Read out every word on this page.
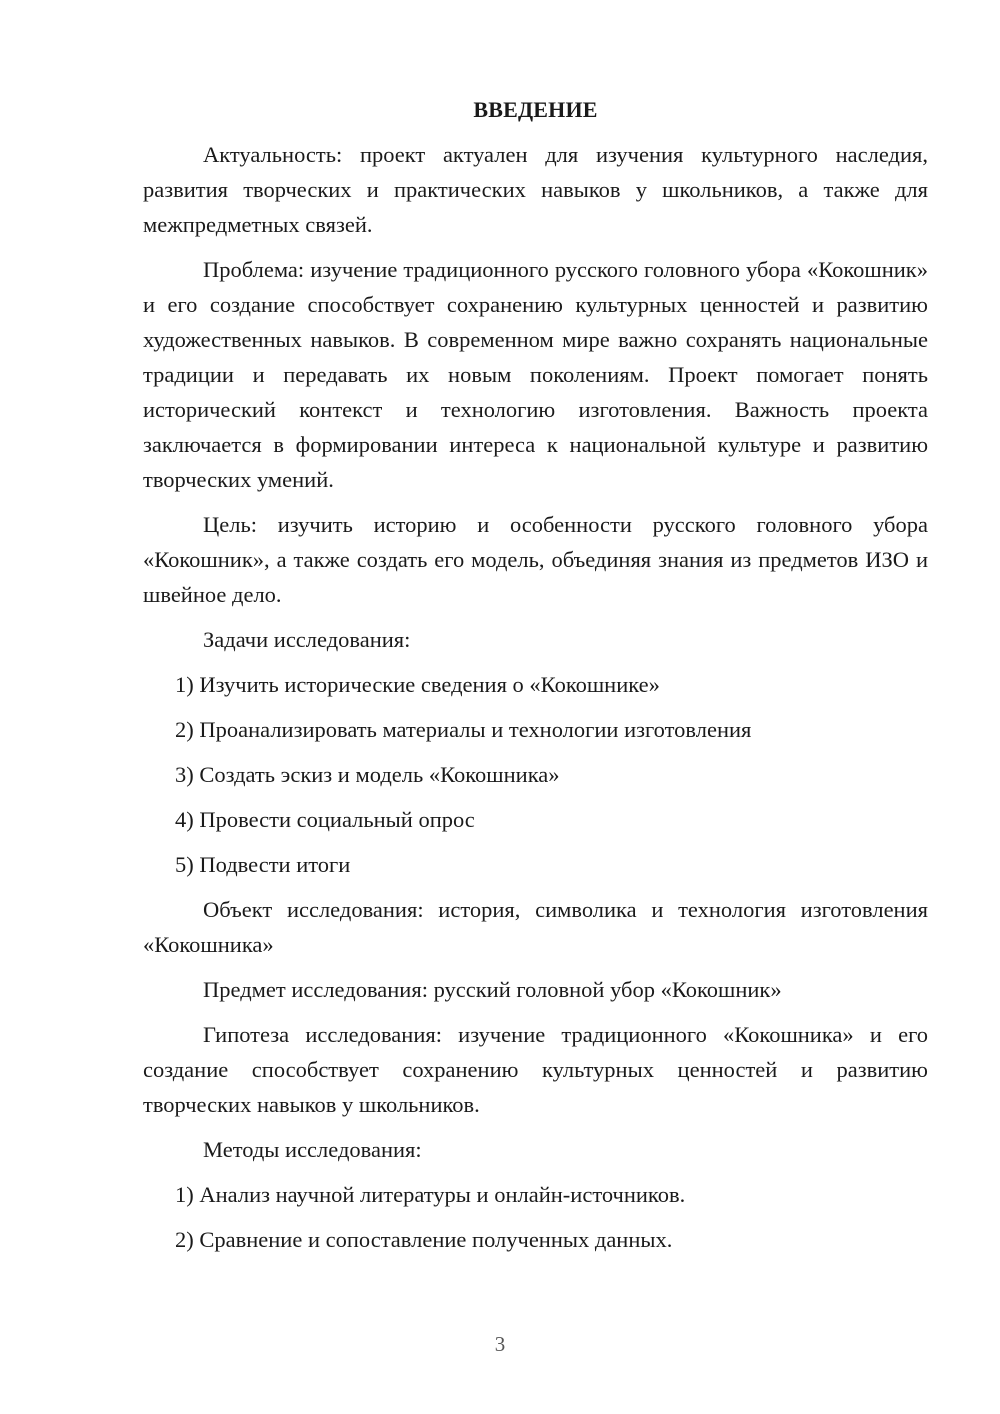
ВВЕДЕНИЕ

Актуальность: проект актуален для изучения культурного наследия, развития творческих и практических навыков у школьников, а также для межпредметных связей.

Проблема: изучение традиционного русского головного убора «Кокошник» и его создание способствует сохранению культурных ценностей и развитию художественных навыков. В современном мире важно сохранять национальные традиции и передавать их новым поколениям. Проект помогает понять исторический контекст и технологию изготовления. Важность проекта заключается в формировании интереса к национальной культуре и развитию творческих умений.

Цель: изучить историю и особенности русского головного убора «Кокошник», а также создать его модель, объединяя знания из предметов ИЗО и швейное дело.

Задачи исследования:

1) Изучить исторические сведения о «Кокошнике»
2) Проанализировать материалы и технологии изготовления
3) Создать эскиз и модель «Кокошника»
4) Провести социальный опрос
5) Подвести итоги

Объект исследования: история, символика и технология изготовления «Кокошника»

Предмет исследования: русский головной убор «Кокошник»

Гипотеза исследования: изучение традиционного «Кокошника» и его создание способствует сохранению культурных ценностей и развитию творческих навыков у школьников.

Методы исследования:

1) Анализ научной литературы и онлайн-источников.
2) Сравнение и сопоставление полученных данных.
3
